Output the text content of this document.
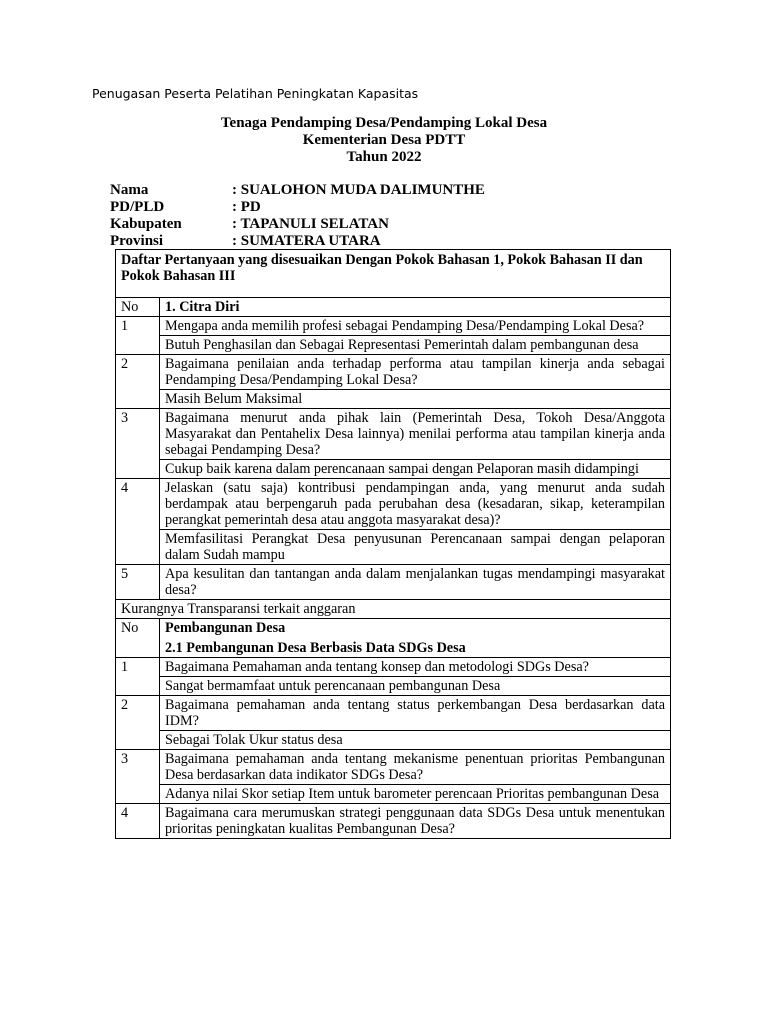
Penugasan Peserta Pelatihan Peningkatan Kapasitas
Tenaga Pendamping Desa/Pendamping Lokal Desa
Kementerian Desa PDTT
Tahun 2022
Nama	: SUALOHON MUDA DALIMUNTHE
PD/PLD	: PD
Kabupaten	: TAPANULI SELATAN
Provinsi	: SUMATERA UTARA
Daftar Pertanyaan yang disesuaikan Dengan Pokok Bahasan 1, Pokok Bahasan II dan Pokok Bahasan III	
No	1. Citra Diri
1	Mengapa anda memilih profesi sebagai Pendamping Desa/Pendamping Lokal Desa?
	Butuh Penghasilan dan Sebagai Representasi Pemerintah dalam pembangunan desa
2	Bagaimana penilaian anda terhadap performa atau tampilan kinerja anda sebagai Pendamping Desa/Pendamping Lokal Desa?
	Masih Belum Maksimal
3	Bagaimana menurut anda pihak lain (Pemerintah Desa, Tokoh Desa/Anggota Masyarakat dan Pentahelix Desa lainnya) menilai performa atau tampilan kinerja anda sebagai Pendamping Desa?
	Cukup baik karena dalam perencanaan sampai dengan Pelaporan masih didampingi
4	Jelaskan (satu saja) kontribusi pendampingan anda, yang menurut anda sudah berdampak atau berpengaruh pada perubahan desa (kesadaran, sikap, keterampilan perangkat pemerintah desa atau anggota masyarakat desa)?
	Memfasilitasi Perangkat Desa penyusunan Perencanaan sampai dengan pelaporan dalam Sudah mampu
5	Apa kesulitan dan tantangan anda dalam menjalankan tugas mendampingi masyarakat desa?
Kurangnya Transparansi terkait anggaran	
No	Pembangunan Desa
2.1 Pembangunan Desa Berbasis Data SDGs Desa

1	Bagaimana Pemahaman anda tentang konsep dan metodologi SDGs Desa?
	Sangat bermamfaat untuk perencanaan pembangunan Desa
2	Bagaimana pemahaman anda tentang status perkembangan Desa berdasarkan data IDM?
	Sebagai Tolak Ukur status desa
3	Bagaimana pemahaman anda tentang mekanisme penentuan prioritas Pembangunan Desa berdasarkan data indikator SDGs Desa?
	Adanya nilai Skor setiap Item untuk barometer perencaan Prioritas pembangunan Desa
4	Bagaimana cara merumuskan strategi penggunaan data SDGs Desa untuk menentukan prioritas peningkatan kualitas Pembangunan Desa?
